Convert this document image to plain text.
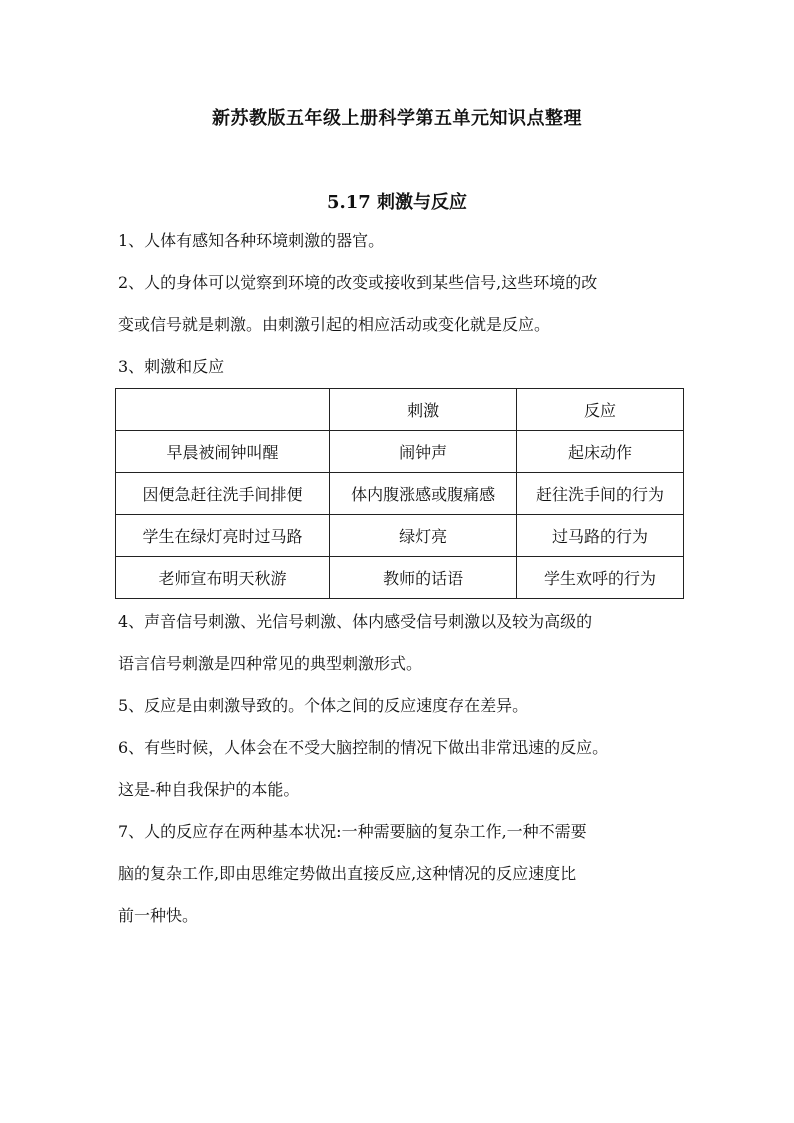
新苏教版五年级上册科学第五单元知识点整理
5.17 刺激与反应

1、人体有感知各种环境刺激的器官。

2、人的身体可以觉察到环境的改变或接收到某些信号,这些环境的改

变或信号就是刺激。由刺激引起的相应活动或变化就是反应。

3、刺激和反应

	刺激	反应
早晨被闹钟叫醒	闹钟声	起床动作
因便急赶往洗手间排便	体内腹涨感或腹痛感	赶往洗手间的行为
学生在绿灯亮时过马路	绿灯亮	过马路的行为
老师宣布明天秋游	教师的话语	学生欢呼的行为

4、声音信号刺激、光信号刺激、体内感受信号刺激以及较为高级的

语言信号刺激是四种常见的典型刺激形式。

5、反应是由刺激导致的。个体之间的反应速度存在差异。

6、有些时候，人体会在不受大脑控制的情况下做出非常迅速的反应。

这是-种自我保护的本能。

7、人的反应存在两种基本状况:一种需要脑的复杂工作,一种不需要

脑的复杂工作,即由思维定势做出直接反应,这种情况的反应速度比

前一种快。
